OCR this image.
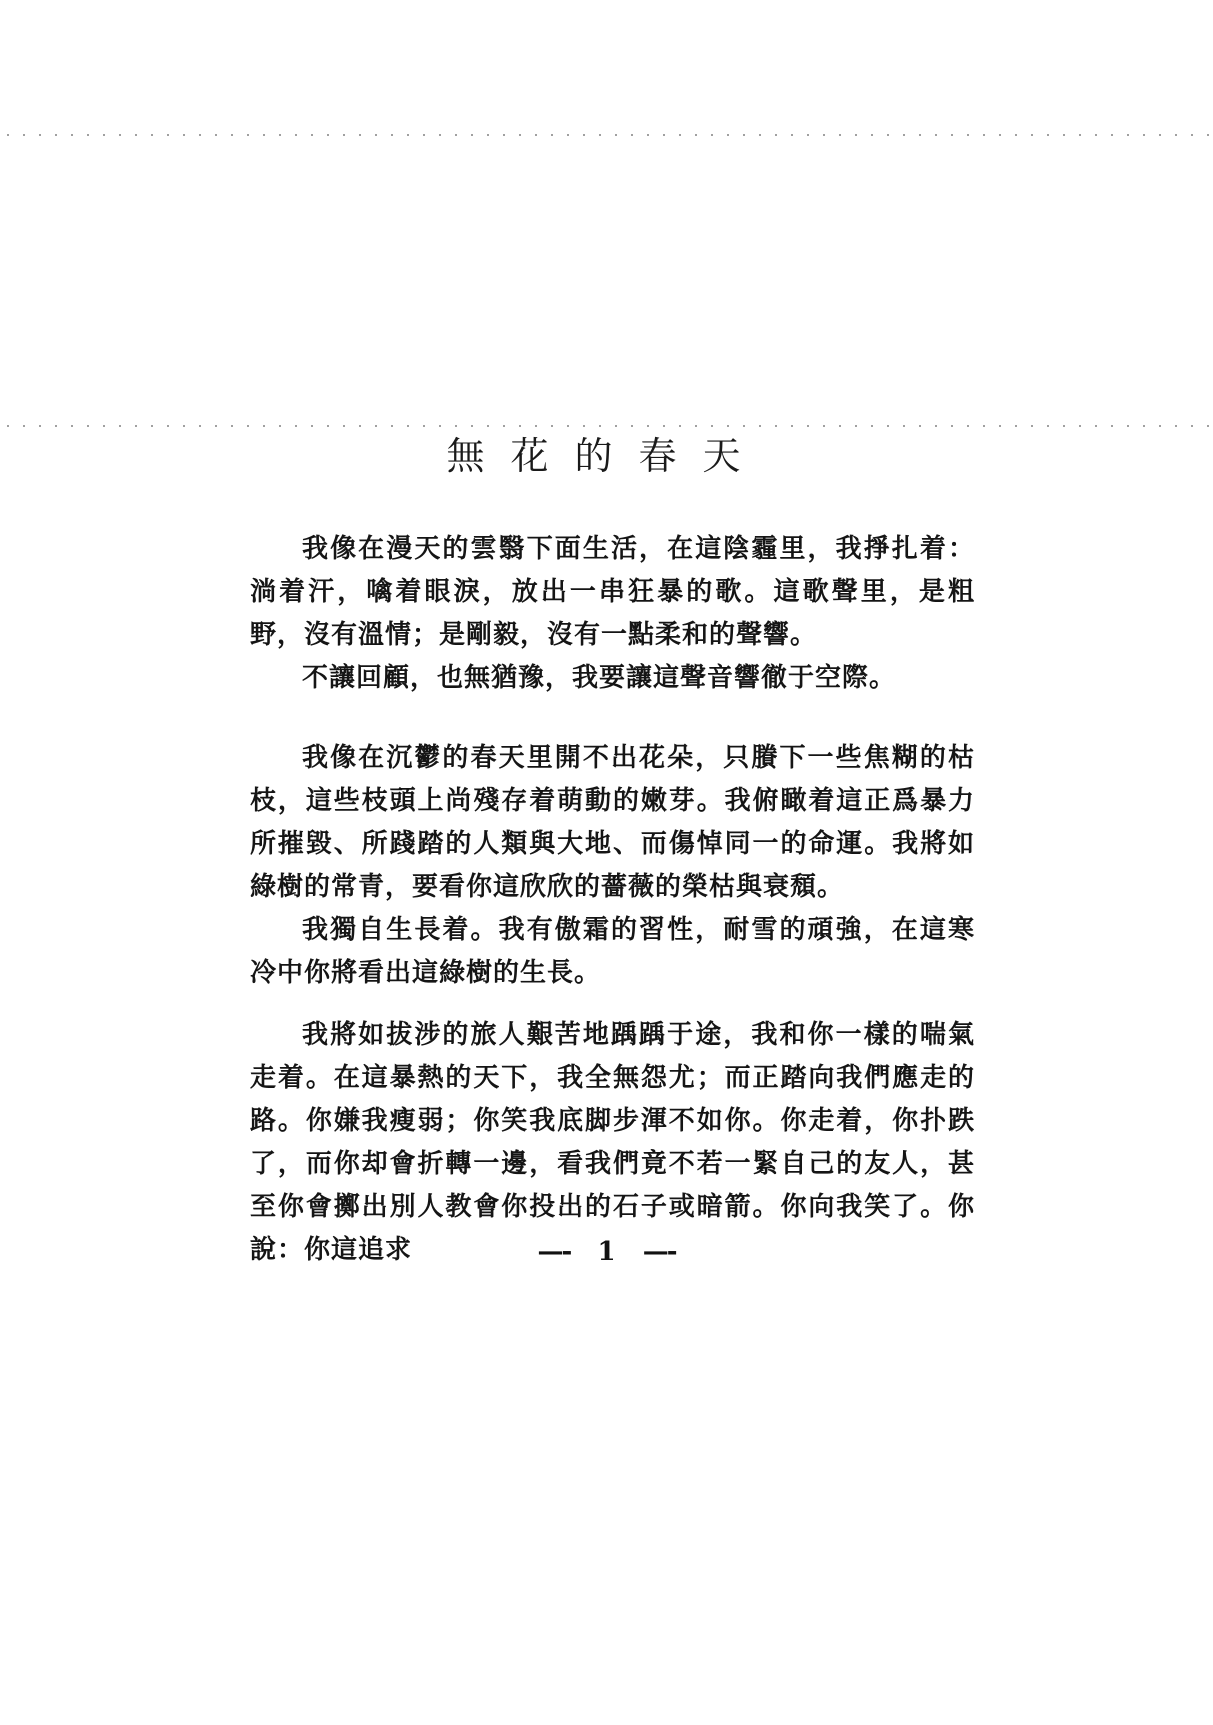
無花的春天

我像在漫天的雲翳下面生活，在這陰霾里，我掙扎着：淌着汗，噙着眼淚，放出一串狂暴的歌。這歌聲里，是粗野，沒有溫情；是剛毅，沒有一點柔和的聲響。

不讓回顧，也無猶豫，我要讓這聲音響徹于空際。

我像在沉鬱的春天里開不出花朵，只賸下一些焦糊的枯枝，這些枝頭上尚殘存着萌動的嫩芽。我俯瞰着這正爲暴力所摧毀、所踐踏的人類與大地、而傷悼同一的命運。我將如綠樹的常青，要看你這欣欣的薔薇的榮枯與衰頹。

我獨自生長着。我有傲霜的習性，耐雪的頑強，在這寒冷中你將看出這綠樹的生長。

我將如拔涉的旅人艱苦地踽踽于途，我和你一樣的喘氣走着。在這暴熱的天下，我全無怨尤；而正踏向我們應走的路。你嫌我瘦弱；你笑我底脚步渾不如你。你走着，你扑跌了，而你却會折轉一邊，看我們竟不若一緊自己的友人，甚至你會擲出別人教會你投出的石子或暗箭。你向我笑了。你說：你這追求	—- 1 —-
